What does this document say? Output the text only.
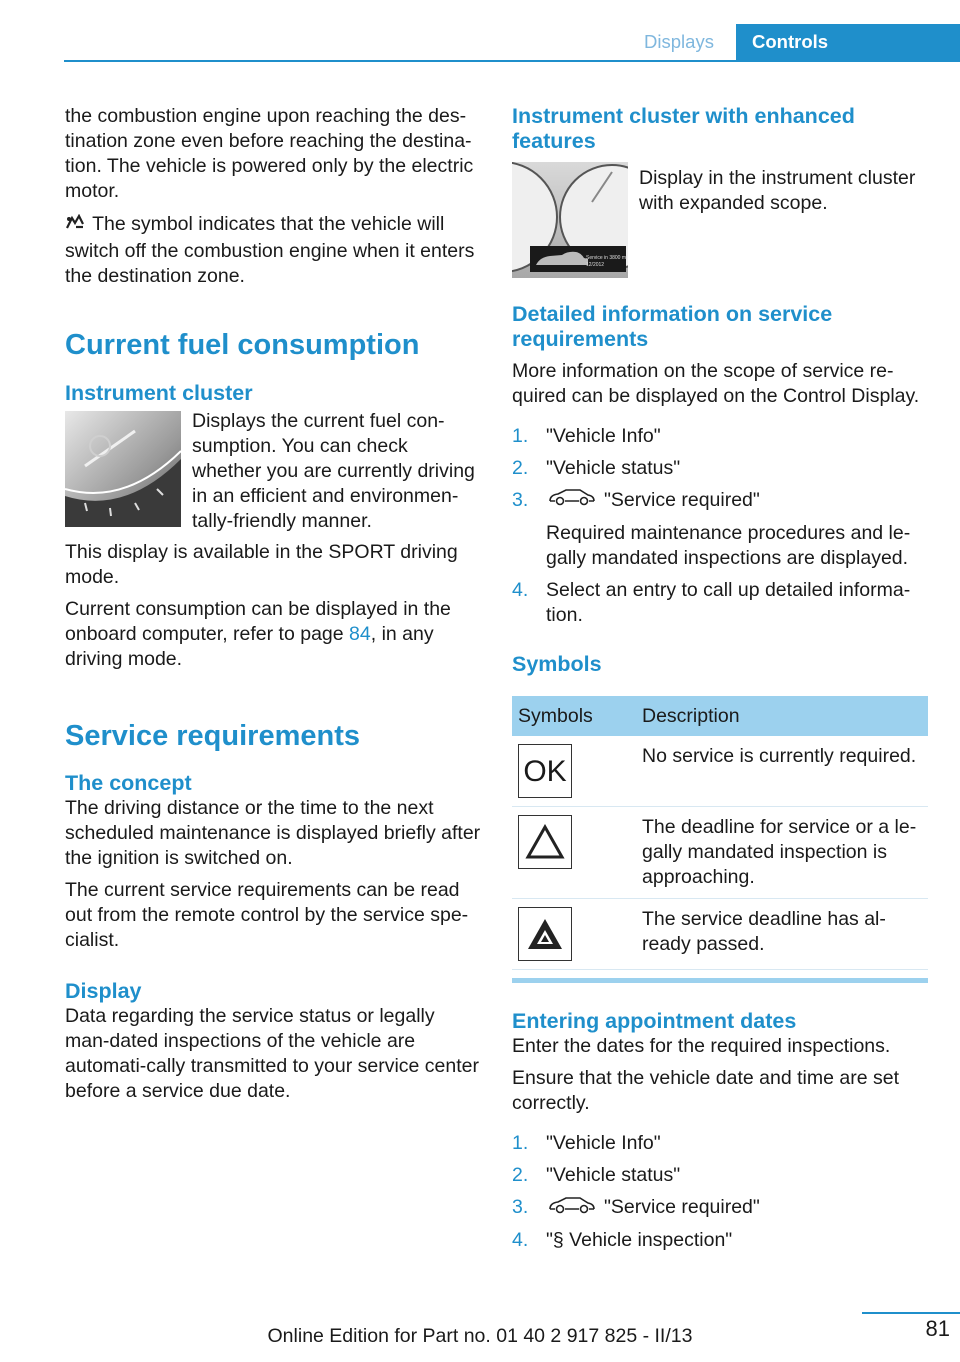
Displays	Controls

the combustion engine upon reaching the des-tination zone even before reaching the destina-tion. The vehicle is powered only by the electric motor.

The symbol indicates that the vehicle will switch off the combustion engine when it enters the destination zone.

Current fuel consumption

Instrument cluster

Displays the current fuel con-sumption. You can check whether you are currently driving in an efficient and environmen-tally-friendly manner.

This display is available in the SPORT driving mode.

Current consumption can be displayed in the onboard computer, refer to page 84, in any driving mode.

Service requirements

The concept

The driving distance or the time to the next scheduled maintenance is displayed briefly after the ignition is switched on.

The current service requirements can be read out from the remote control by the service spe-cialist.

Display

Data regarding the service status or legally man-dated inspections of the vehicle are automati-cally transmitted to your service center before a service due date.

Instrument cluster with enhanced features

Service in 3800 mi
12/2012

Display in the instrument cluster with expanded scope.

Detailed information on service requirements

More information on the scope of service re-quired can be displayed on the Control Display.

1. "Vehicle Info"
2. "Vehicle status"
3.	"Service required"
Required maintenance procedures and le-gally mandated inspections are displayed.
4. Select an entry to call up detailed informa-tion.

Symbols

Symbols	Description

OK	No service is currently required.

	The deadline for service or a le-gally mandated inspection is approaching.

	The service deadline has al-ready passed.

Entering appointment dates

Enter the dates for the required inspections.

Ensure that the vehicle date and time are set correctly.

1. "Vehicle Info"
2. "Vehicle status"
3.	"Service required"
4. "§ Vehicle inspection"
81
Online Edition for Part no. 01 40 2 917 825 - II/13
